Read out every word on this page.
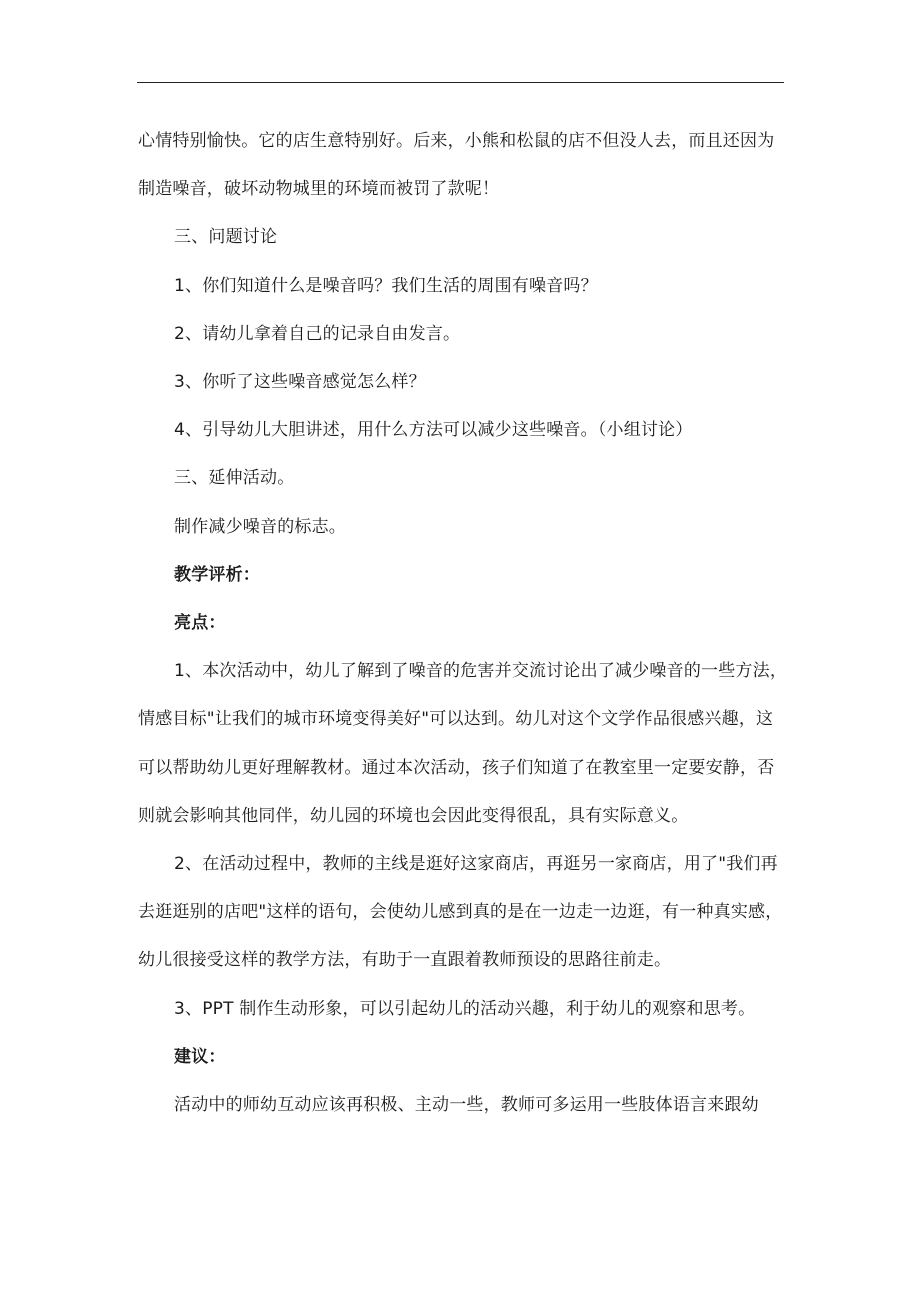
心情特别愉快。它的店生意特别好。后来，小熊和松鼠的店不但没人去，而且还因为制造噪音，破坏动物城里的环境而被罚了款呢！

三、问题讨论

1、你们知道什么是噪音吗？我们生活的周围有噪音吗？

2、请幼儿拿着自己的记录自由发言。

3、你听了这些噪音感觉怎么样？

4、引导幼儿大胆讲述，用什么方法可以减少这些噪音。（小组讨论）

三、延伸活动。

制作减少噪音的标志。

教学评析：

亮点：

1、本次活动中，幼儿了解到了噪音的危害并交流讨论出了减少噪音的一些方法，情感目标"让我们的城市环境变得美好"可以达到。幼儿对这个文学作品很感兴趣，这可以帮助幼儿更好理解教材。通过本次活动，孩子们知道了在教室里一定要安静，否则就会影响其他同伴，幼儿园的环境也会因此变得很乱，具有实际意义。

2、在活动过程中，教师的主线是逛好这家商店，再逛另一家商店，用了"我们再去逛逛别的店吧"这样的语句，会使幼儿感到真的是在一边走一边逛，有一种真实感，幼儿很接受这样的教学方法，有助于一直跟着教师预设的思路往前走。

3、PPT 制作生动形象，可以引起幼儿的活动兴趣，利于幼儿的观察和思考。

建议：

活动中的师幼互动应该再积极、主动一些，教师可多运用一些肢体语言来跟幼
